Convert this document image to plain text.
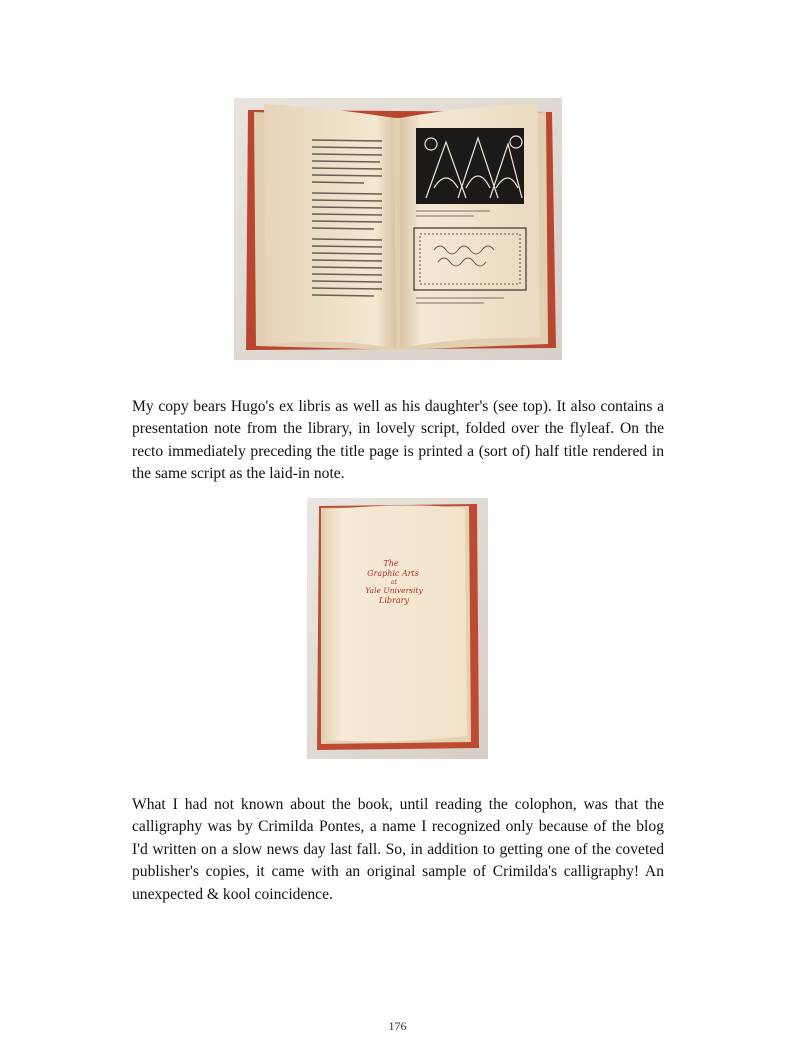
My copy bears Hugo's ex libris as well as his daughter's (see top). It also contains a presentation note from the library, in lovely script, folded over the flyleaf. On the recto immediately preceding the title page is printed a (sort of) half title rendered in the same script as the laid-in note.

The
Graphic Arts
at
Yale University
Library

What I had not known about the book, until reading the colophon, was that the calligraphy was by Crimilda Pontes, a name I recognized only because of the blog I'd written on a slow news day last fall. So, in addition to getting one of the coveted publisher's copies, it came with an original sample of Crimilda's calligraphy! An unexpected & kool coincidence.

176
